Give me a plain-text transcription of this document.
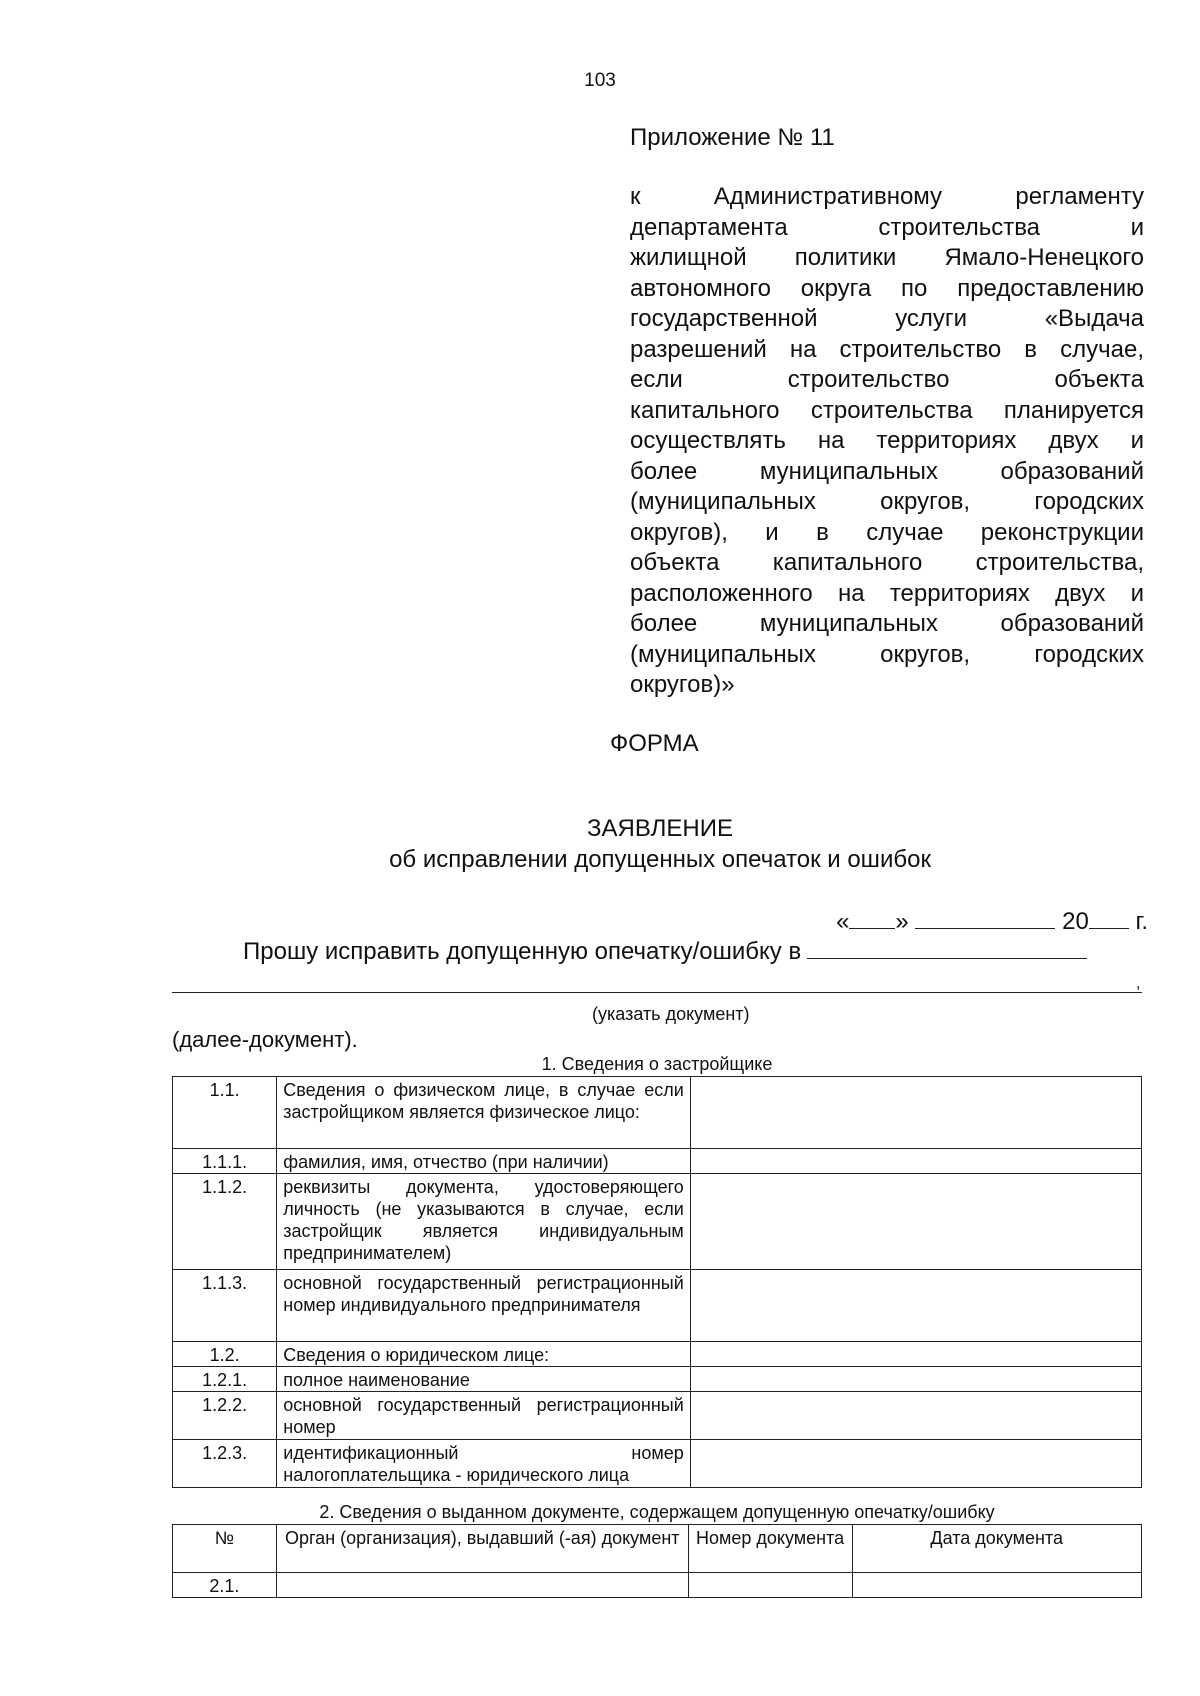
103
Приложение № 11
к Административному регламенту
департамента строительства и
жилищной политики Ямало-Ненецкого
автономного округа по предоставлению
государственной услуги «Выдача
разрешений на строительство в случае,
если строительство объекта
капитального строительства планируется
осуществлять на территориях двух и
более муниципальных образований
(муниципальных округов, городских
округов), и в случае реконструкции
объекта капитального строительства,
расположенного на территориях двух и
более муниципальных образований
(муниципальных округов, городских
округов)»
ФОРМА
ЗАЯВЛЕНИЕ
об исправлении допущенных опечаток и ошибок
« »	20 г.
Прошу исправить допущенную опечатку/ошибку в
,
(указать документ)
(далее-документ).
1. Сведения о застройщике
1.1.	Сведения о физическом лице, в случае если застройщиком является физическое лицо:	
1.1.1.	фамилия, имя, отчество (при наличии)	
1.1.2.	реквизиты документа, удостоверяющего личность (не указываются в случае, если застройщик является индивидуальным предпринимателем)	
1.1.3.	основной государственный регистрационный номер индивидуального предпринимателя	
1.2.	Сведения о юридическом лице:	
1.2.1.	полное наименование	
1.2.2.	основной государственный регистрационный номер	
1.2.3.	идентификационный номер налогоплательщика - юридического лица	
2. Сведения о выданном документе, содержащем допущенную опечатку/ошибку
№	Орган (организация), выдавший (-ая) документ	Номер документа	Дата документа
2.1.			
